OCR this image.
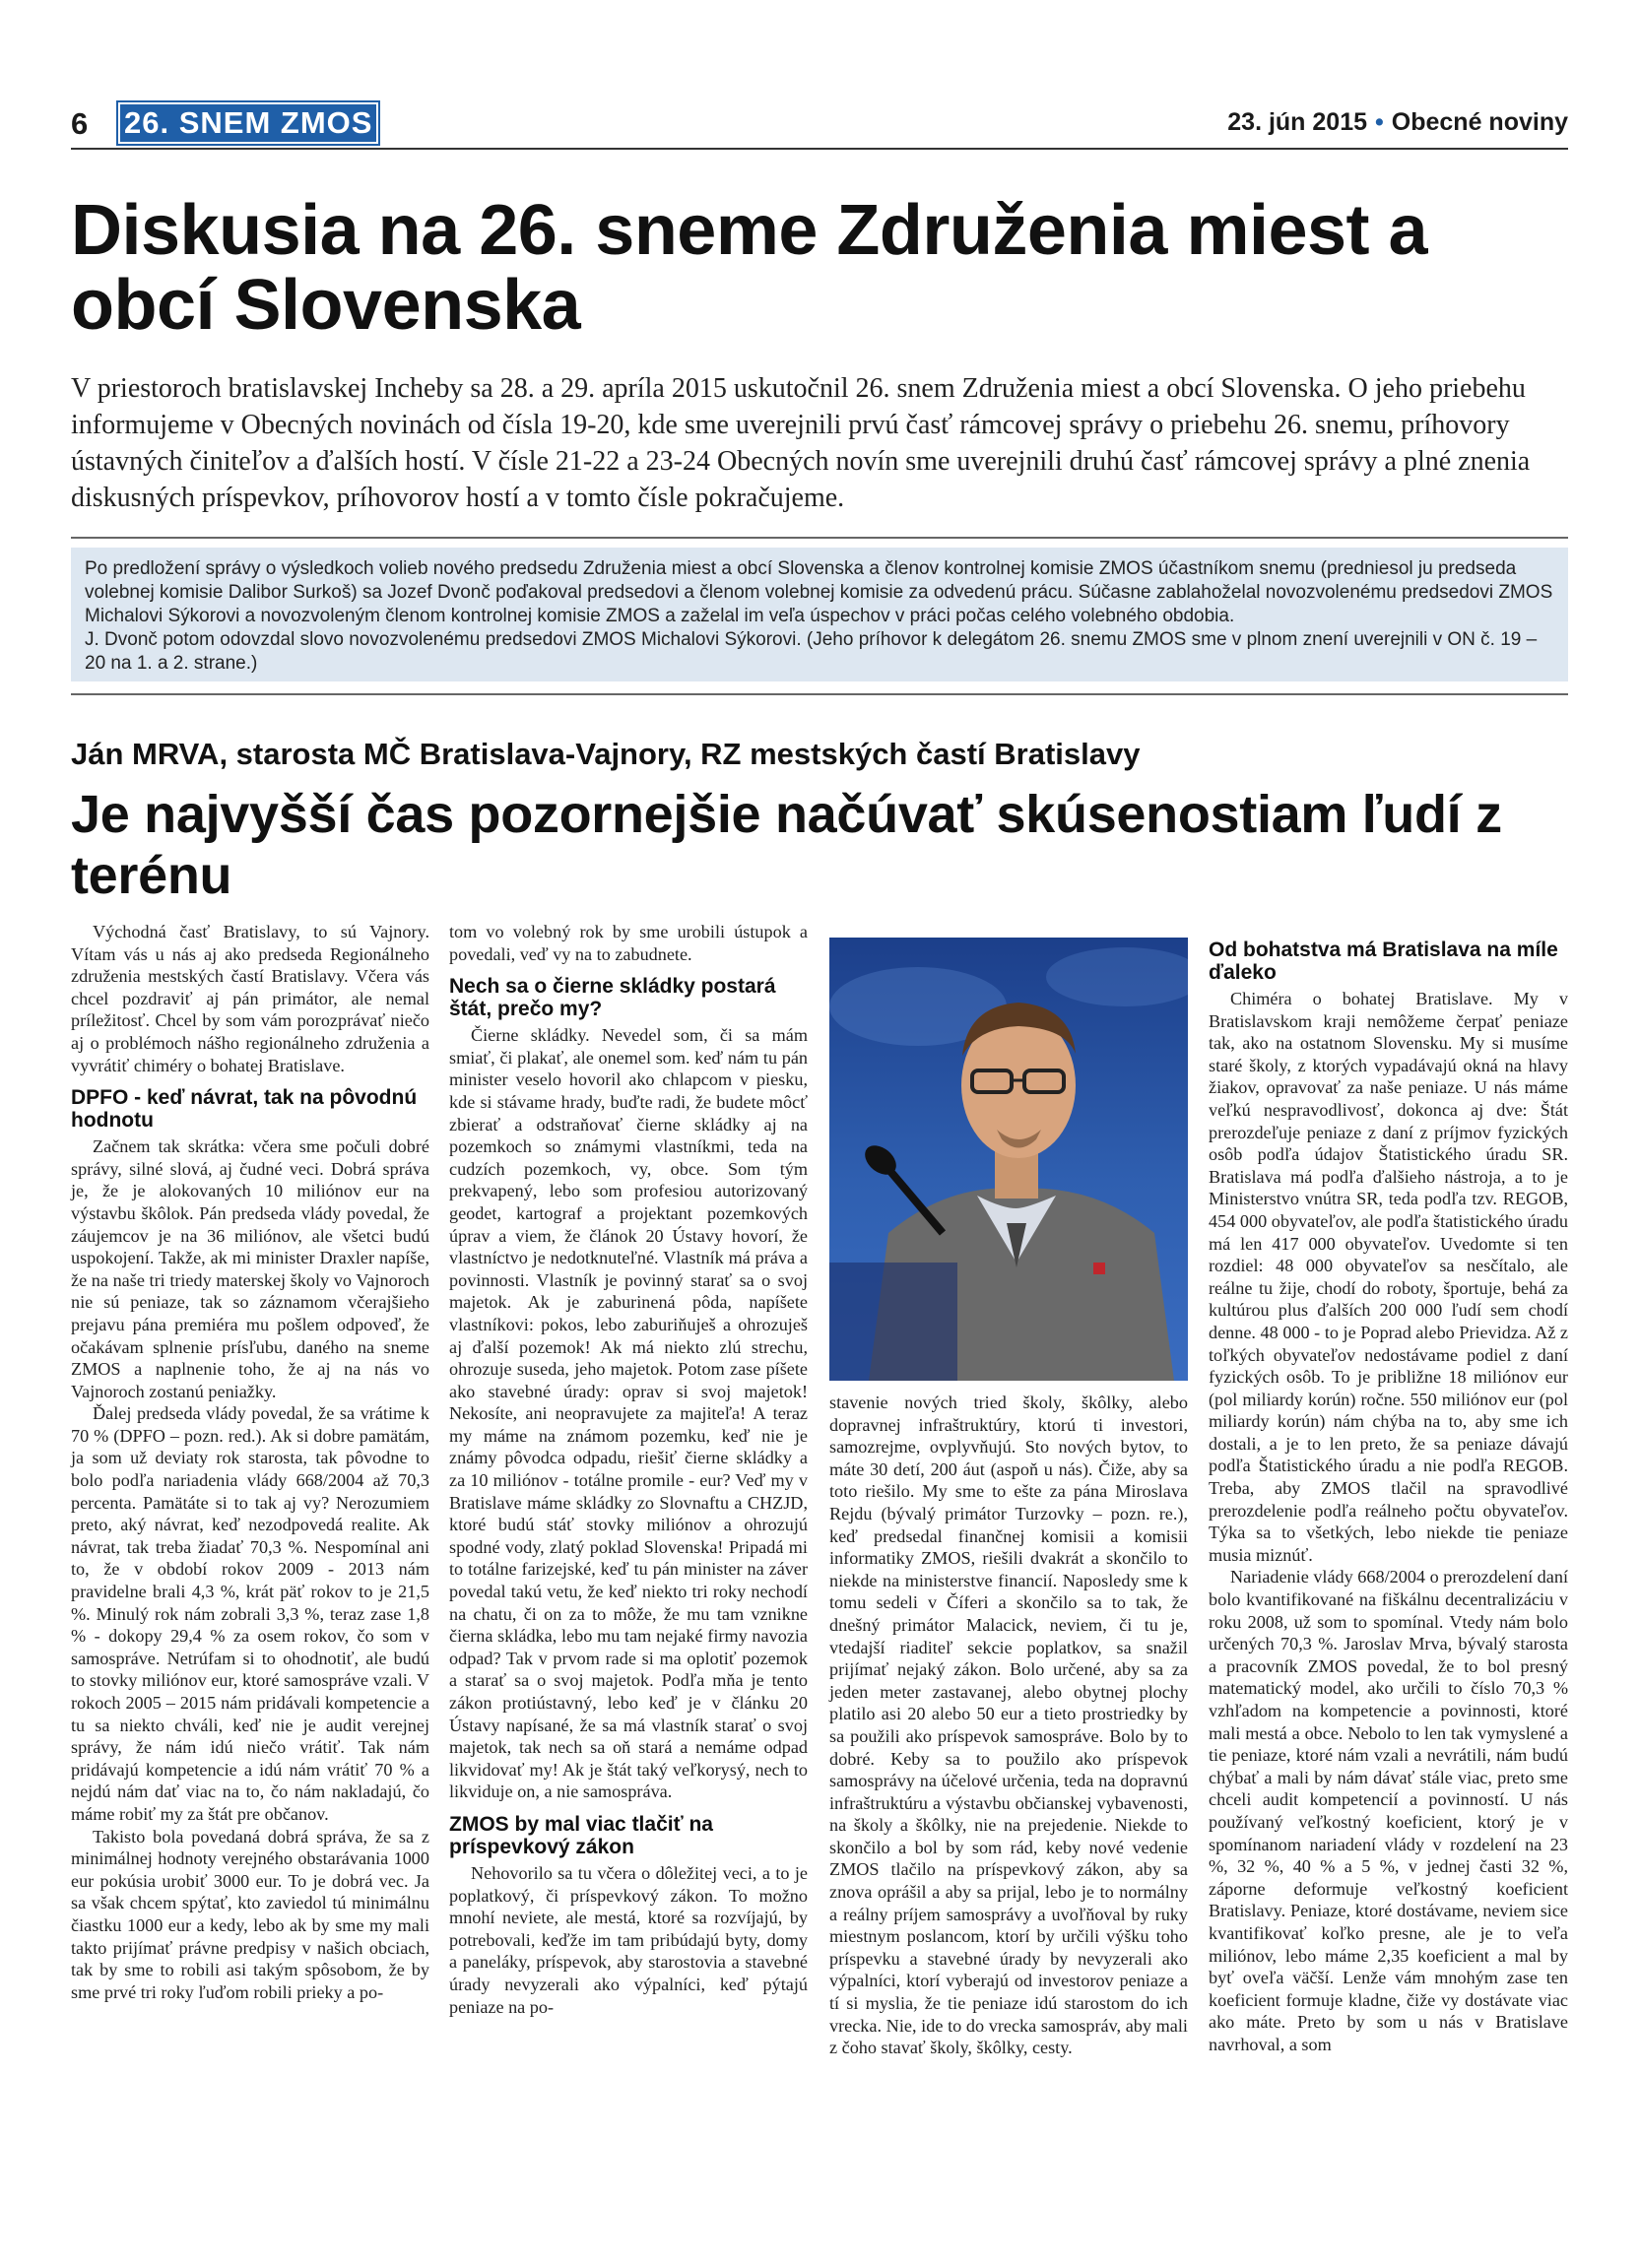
6 26. SNEM ZMOS	23. jún 2015 • Obecné noviny
Diskusia na 26. sneme Združenia miest a obcí Slovenska

V priestoroch bratislavskej Incheby sa 28. a 29. apríla 2015 uskutočnil 26. snem Združenia miest a obcí Slovenska. O jeho priebehu informujeme v Obecných novinách od čísla 19-20, kde sme uverejnili prvú časť rámcovej správy o priebehu 26. snemu, príhovory ústavných činiteľov a ďalších hostí. V čísle 21-22 a 23-24 Obecných novín sme uverejnili druhú časť rámcovej správy a plné znenia diskusných príspevkov, príhovorov hostí a v tomto čísle pokračujeme.

Po predložení správy o výsledkoch volieb nového predsedu Združenia miest a obcí Slovenska a členov kontrolnej komisie ZMOS účastníkom snemu (predniesol ju predseda volebnej komisie Dalibor Surkoš) sa Jozef Dvonč poďakoval predsedovi a členom volebnej komisie za odvedenú prácu. Súčasne zablahoželal novozvolenému predsedovi ZMOS Michalovi Sýkorovi a novozvoleným členom kontrolnej komisie ZMOS a zaželal im veľa úspechov v práci počas celého volebného obdobia.

J. Dvonč potom odovzdal slovo novozvolenému predsedovi ZMOS Michalovi Sýkorovi. (Jeho príhovor k delegátom 26. snemu ZMOS sme v plnom znení uverejnili v ON č. 19 – 20 na 1. a 2. strane.)

Ján MRVA, starosta MČ Bratislava-Vajnory, RZ mestských častí Bratislavy
Je najvyšší čas pozornejšie načúvať skúsenostiam ľudí z terénu

Východná časť Bratislavy, to sú Vajnory. Vítam vás u nás aj ako predseda Regionálneho združenia mestských častí Bratislavy. Včera vás chcel pozdraviť aj pán primátor, ale nemal príležitosť. Chcel by som vám porozprávať niečo aj o problémoch nášho regionálneho združenia a vyvrátiť chiméry o bohatej Bratislave.

DPFO - keď návrat, tak na pôvodnú hodnotu

Začnem tak skrátka: včera sme počuli dobré správy, silné slová, aj čudné veci. Dobrá správa je, že je alokovaných 10 miliónov eur na výstavbu škôlok. Pán predseda vlády povedal, že záujemcov je na 36 miliónov, ale všetci budú uspokojení. Takže, ak mi minister Draxler napíše, že na naše tri triedy materskej školy vo Vajnoroch nie sú peniaze, tak so záznamom včerajšieho prejavu pána premiéra mu pošlem odpoveď, že očakávam splnenie prísľubu, daného na sneme ZMOS a naplnenie toho, že aj na nás vo Vajnoroch zostanú peniažky.

Ďalej predseda vlády povedal, že sa vrátime k 70 % (DPFO – pozn. red.). Ak si dobre pamätám, ja som už deviaty rok starosta, tak pôvodne to bolo podľa nariadenia vlády 668/2004 až 70,3 percenta. Pamätáte si to tak aj vy? Nerozumiem preto, aký návrat, keď nezodpovedá realite. Ak návrat, tak treba žiadať 70,3 %. Nespomínal ani to, že v období rokov 2009 - 2013 nám pravidelne brali 4,3 %, krát päť rokov to je 21,5 %. Minulý rok nám zobrali 3,3 %, teraz zase 1,8 % - dokopy 29,4 % za osem rokov, čo som v samospráve. Netrúfam si to ohodnotiť, ale budú to stovky miliónov eur, ktoré samospráve vzali. V rokoch 2005 – 2015 nám pridávali kompetencie a tu sa niekto chváli, keď nie je audit verejnej správy, že nám idú niečo vrátiť. Tak nám pridávajú kompetencie a idú nám vrátiť 70 % a nejdú nám dať viac na to, čo nám nakladajú, čo máme robiť my za štát pre občanov.

Takisto bola povedaná dobrá správa, že sa z minimálnej hodnoty verejného obstarávania 1000 eur pokúsia urobiť 3000 eur. To je dobrá vec. Ja sa však chcem spýtať, kto zaviedol tú minimálnu čiastku 1000 eur a kedy, lebo ak by sme my mali takto prijímať právne predpisy v našich obciach, tak by sme to robili asi takým spôsobom, že by sme prvé tri roky ľuďom robili prieky a po-

tom vo volebný rok by sme urobili ústupok a povedali, veď vy na to zabudnete.

Nech sa o čierne skládky postará štát, prečo my?

Čierne skládky. Nevedel som, či sa mám smiať, či plakať, ale onemel som. keď nám tu pán minister veselo hovoril ako chlapcom v piesku, kde si stávame hrady, buďte radi, že budete môcť zbierať a odstraňovať čierne skládky aj na pozemkoch so známymi vlastníkmi, teda na cudzích pozemkoch, vy, obce. Som tým prekvapený, lebo som profesiou autorizovaný geodet, kartograf a projektant pozemkových úprav a viem, že článok 20 Ústavy hovorí, že vlastníctvo je nedotknuteľné. Vlastník má práva a povinnosti. Vlastník je povinný starať sa o svoj majetok. Ak je zaburinená pôda, napíšete vlastníkovi: pokos, lebo zaburiňuješ a ohrozuješ aj ďalší pozemok! Ak má niekto zlú strechu, ohrozuje suseda, jeho majetok. Potom zase píšete ako stavebné úrady: oprav si svoj majetok! Nekosíte, ani neopravujete za majiteľa! A teraz my máme na známom pozemku, keď nie je známy pôvodca odpadu, riešiť čierne skládky a za 10 miliónov - totálne promile - eur? Veď my v Bratislave máme skládky zo Slovnaftu a CHZJD, ktoré budú stáť stovky miliónov a ohrozujú spodné vody, zlatý poklad Slovenska! Pripadá mi to totálne farizejské, keď tu pán minister na záver povedal takú vetu, že keď niekto tri roky nechodí na chatu, či on za to môže, že mu tam vznikne čierna skládka, lebo mu tam nejaké firmy navozia odpad? Tak v prvom rade si ma oplotiť pozemok a starať sa o svoj majetok. Podľa mňa je tento zákon protiústavný, lebo keď je v článku 20 Ústavy napísané, že sa má vlastník starať o svoj majetok, tak nech sa oň stará a nemáme odpad likvidovať my! Ak je štát taký veľkorysý, nech to likviduje on, a nie samospráva.

ZMOS by mal viac tlačiť na príspevkový zákon

Nehovorilo sa tu včera o dôležitej veci, a to je poplatkový, či príspevkový zákon. To možno mnohí neviete, ale mestá, ktoré sa rozvíjajú, by potrebovali, keďže im tam pribúdajú byty, domy a paneláky, príspevok, aby starostovia a stavebné úrady nevyzerali ako výpalníci, keď pýtajú peniaze na po-

stavenie nových tried školy, škôlky, alebo dopravnej infraštruktúry, ktorú ti investori, samozrejme, ovplyvňujú. Sto nových bytov, to máte 30 detí, 200 áut (aspoň u nás). Čiže, aby sa toto riešilo. My sme to ešte za pána Miroslava Rejdu (bývalý primátor Turzovky – pozn. re.), keď predsedal finančnej komisii a komisii informatiky ZMOS, riešili dvakrát a skončilo to niekde na ministerstve financií. Naposledy sme k tomu sedeli v Číferi a skončilo sa to tak, že dnešný primátor Malacick, neviem, či tu je, vtedajší riaditeľ sekcie poplatkov, sa snažil prijímať nejaký zákon. Bolo určené, aby sa za jeden meter zastavanej, alebo obytnej plochy platilo asi 20 alebo 50 eur a tieto prostriedky by sa použili ako príspevok samospráve. Bolo by to dobré. Keby sa to použilo ako príspevok samosprávy na účelové určenia, teda na dopravnú infraštruktúru a výstavbu občianskej vybavenosti, na školy a škôlky, nie na prejedenie. Niekde to skončilo a bol by som rád, keby nové vedenie ZMOS tlačilo na príspevkový zákon, aby sa znova oprášil a aby sa prijal, lebo je to normálny a reálny príjem samosprávy a uvoľňoval by ruky miestnym poslancom, ktorí by určili výšku toho príspevku a stavebné úrady by nevyzerali ako výpalníci, ktorí vyberajú od investorov peniaze a tí si myslia, že tie peniaze idú starostom do ich vrecka. Nie, ide to do vrecka samospráv, aby mali z čoho stavať školy, škôlky, cesty.

Od bohatstva má Bratislava na míle ďaleko

Chiméra o bohatej Bratislave. My v Bratislavskom kraji nemôžeme čerpať peniaze tak, ako na ostatnom Slovensku. My si musíme staré školy, z ktorých vypadávajú okná na hlavy žiakov, opravovať za naše peniaze. U nás máme veľkú nespravodlivosť, dokonca aj dve: Štát prerozdeľuje peniaze z daní z príjmov fyzických osôb podľa údajov Štatistického úradu SR. Bratislava má podľa ďalšieho nástroja, a to je Ministerstvo vnútra SR, teda podľa tzv. REGOB, 454 000 obyvateľov, ale podľa štatistického úradu má len 417 000 obyvateľov. Uvedomte si ten rozdiel: 48 000 obyvateľov sa nesčítalo, ale reálne tu žije, chodí do roboty, športuje, behá za kultúrou plus ďalších 200 000 ľudí sem chodí denne. 48 000 - to je Poprad alebo Prievidza. Až z toľkých obyvateľov nedostávame podiel z daní fyzických osôb. To je približne 18 miliónov eur (pol miliardy korún) ročne. 550 miliónov eur (pol miliardy korún) nám chýba na to, aby sme ich dostali, a je to len preto, že sa peniaze dávajú podľa Štatistického úradu a nie podľa REGOB. Treba, aby ZMOS tlačil na spravodlivé prerozdelenie podľa reálneho počtu obyvateľov. Týka sa to všetkých, lebo niekde tie peniaze musia miznúť.

Nariadenie vlády 668/2004 o prerozdelení daní bolo kvantifikované na fiškálnu decentralizáciu v roku 2008, už som to spomínal. Vtedy nám bolo určených 70,3 %. Jaroslav Mrva, bývalý starosta a pracovník ZMOS povedal, že to bol presný matematický model, ako určili to číslo 70,3 % vzhľadom na kompetencie a povinnosti, ktoré mali mestá a obce. Nebolo to len tak vymyslené a tie peniaze, ktoré nám vzali a nevrátili, nám budú chýbať a mali by nám dávať stále viac, preto sme chceli audit kompetencií a povinností. U nás používaný veľkostný koeficient, ktorý je v spomínanom nariadení vlády v rozdelení na 23 %, 32 %, 40 % a 5 %, v jednej časti 32 %, záporne deformuje veľkostný koeficient Bratislavy. Peniaze, ktoré dostávame, neviem sice kvantifikovať koľko presne, ale je to veľa miliónov, lebo máme 2,35 koeficient a mal by byť oveľa väčší. Lenže vám mnohým zase ten koeficient formuje kladne, čiže vy dostávate viac ako máte. Preto by som u nás v Bratislave navrhoval, a som
